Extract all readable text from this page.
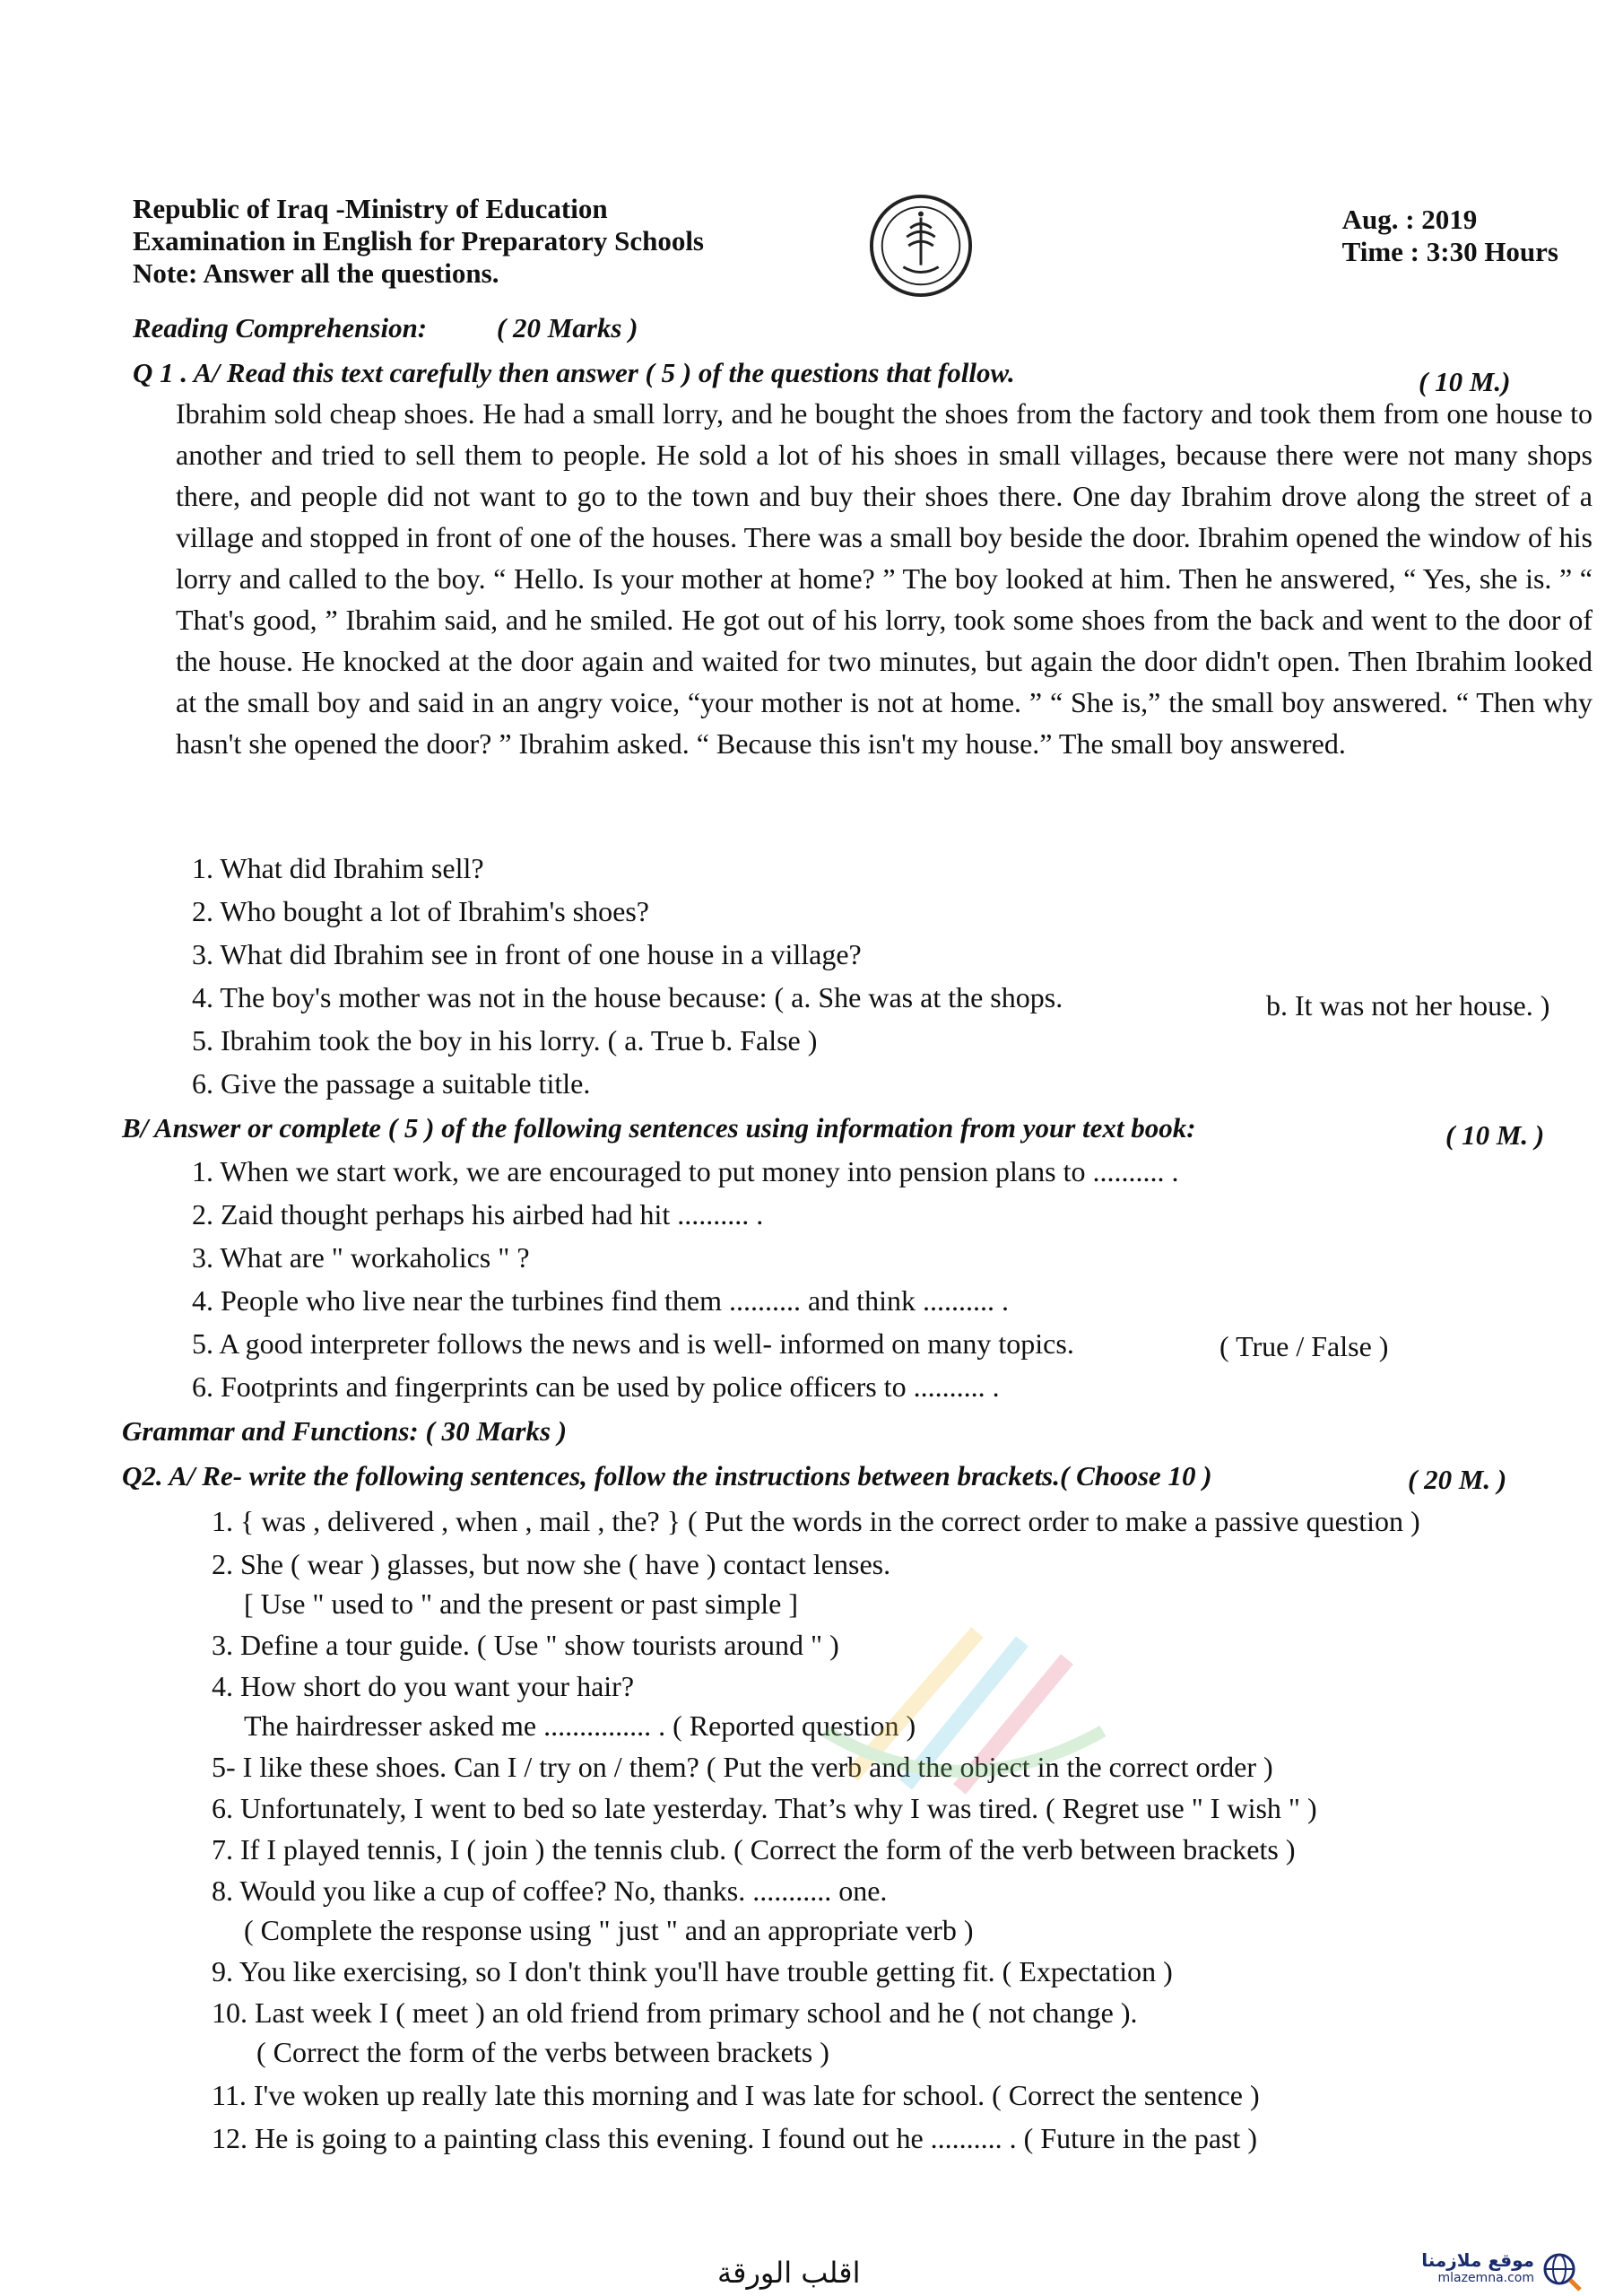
Republic of Iraq -Ministry of Education
Examination in English for Preparatory Schools
Note: Answer all the questions.
Aug. : 2019
Time : 3:30 Hours
Reading Comprehension:	( 20 Marks )
Q 1 . A/ Read this text carefully then answer ( 5 ) of the questions that follow.	( 10 M.)
Ibrahim sold cheap shoes. He had a small lorry, and he bought the shoes from the factory and took them from one house to another and tried to sell them to people. He sold a lot of his shoes in small villages, because there were not many shops there, and people did not want to go to the town and buy their shoes there. One day Ibrahim drove along the street of a village and stopped in front of one of the houses. There was a small boy beside the door. Ibrahim opened the window of his lorry and called to the boy. “ Hello. Is your mother at home? ” The boy looked at him. Then he answered, “ Yes, she is. ” “ That's good, ” Ibrahim said, and he smiled. He got out of his lorry, took some shoes from the back and went to the door of the house. He knocked at the door again and waited for two minutes, but again the door didn't open. Then Ibrahim looked at the small boy and said in an angry voice, “your mother is not at home. ” “ She is,” the small boy answered. “ Then why hasn't she opened the door? ” Ibrahim asked. “ Because this isn't my house.” The small boy answered.
1. What did Ibrahim sell?
2. Who bought a lot of Ibrahim's shoes?
3. What did Ibrahim see in front of one house in a village?
4. The boy's mother was not in the house because: ( a. She was at the shops.	b. It was not her house. )
5. Ibrahim took the boy in his lorry. ( a. True b. False )
6. Give the passage a suitable title.
B/ Answer or complete ( 5 ) of the following sentences using information from your text book:	( 10 M. )
1. When we start work, we are encouraged to put money into pension plans to .......... .
2. Zaid thought perhaps his airbed had hit .......... .
3. What are " workaholics " ?
4. People who live near the turbines find them .......... and think .......... .
5. A good interpreter follows the news and is well- informed on many topics.	( True / False )
6. Footprints and fingerprints can be used by police officers to .......... .
Grammar and Functions: ( 30 Marks )
Q2. A/ Re- write the following sentences, follow the instructions between brackets.( Choose 10 )	( 20 M. )
1. { was , delivered , when , mail , the? } ( Put the words in the correct order to make a passive question )
2. She ( wear ) glasses, but now she ( have ) contact lenses.
[ Use " used to " and the present or past simple ]
3. Define a tour guide. ( Use " show tourists around " )
4. How short do you want your hair?
The hairdresser asked me ............... . ( Reported question )
5- I like these shoes. Can I / try on / them? ( Put the verb and the object in the correct order )
6. Unfortunately, I went to bed so late yesterday. That’s why I was tired. ( Regret use " I wish " )
7. If I played tennis, I ( join ) the tennis club. ( Correct the form of the verb between brackets )
8. Would you like a cup of coffee? No, thanks. ........... one.
( Complete the response using " just " and an appropriate verb )
9. You like exercising, so I don't think you'll have trouble getting fit. ( Expectation )
10. Last week I ( meet ) an old friend from primary school and he ( not change ).
( Correct the form of the verbs between brackets )
11. I've woken up really late this morning and I was late for school. ( Correct the sentence )
12. He is going to a painting class this evening. I found out he .......... . ( Future in the past )
اقلب الورقة	موقع ملازمنا
mlazemna.com
